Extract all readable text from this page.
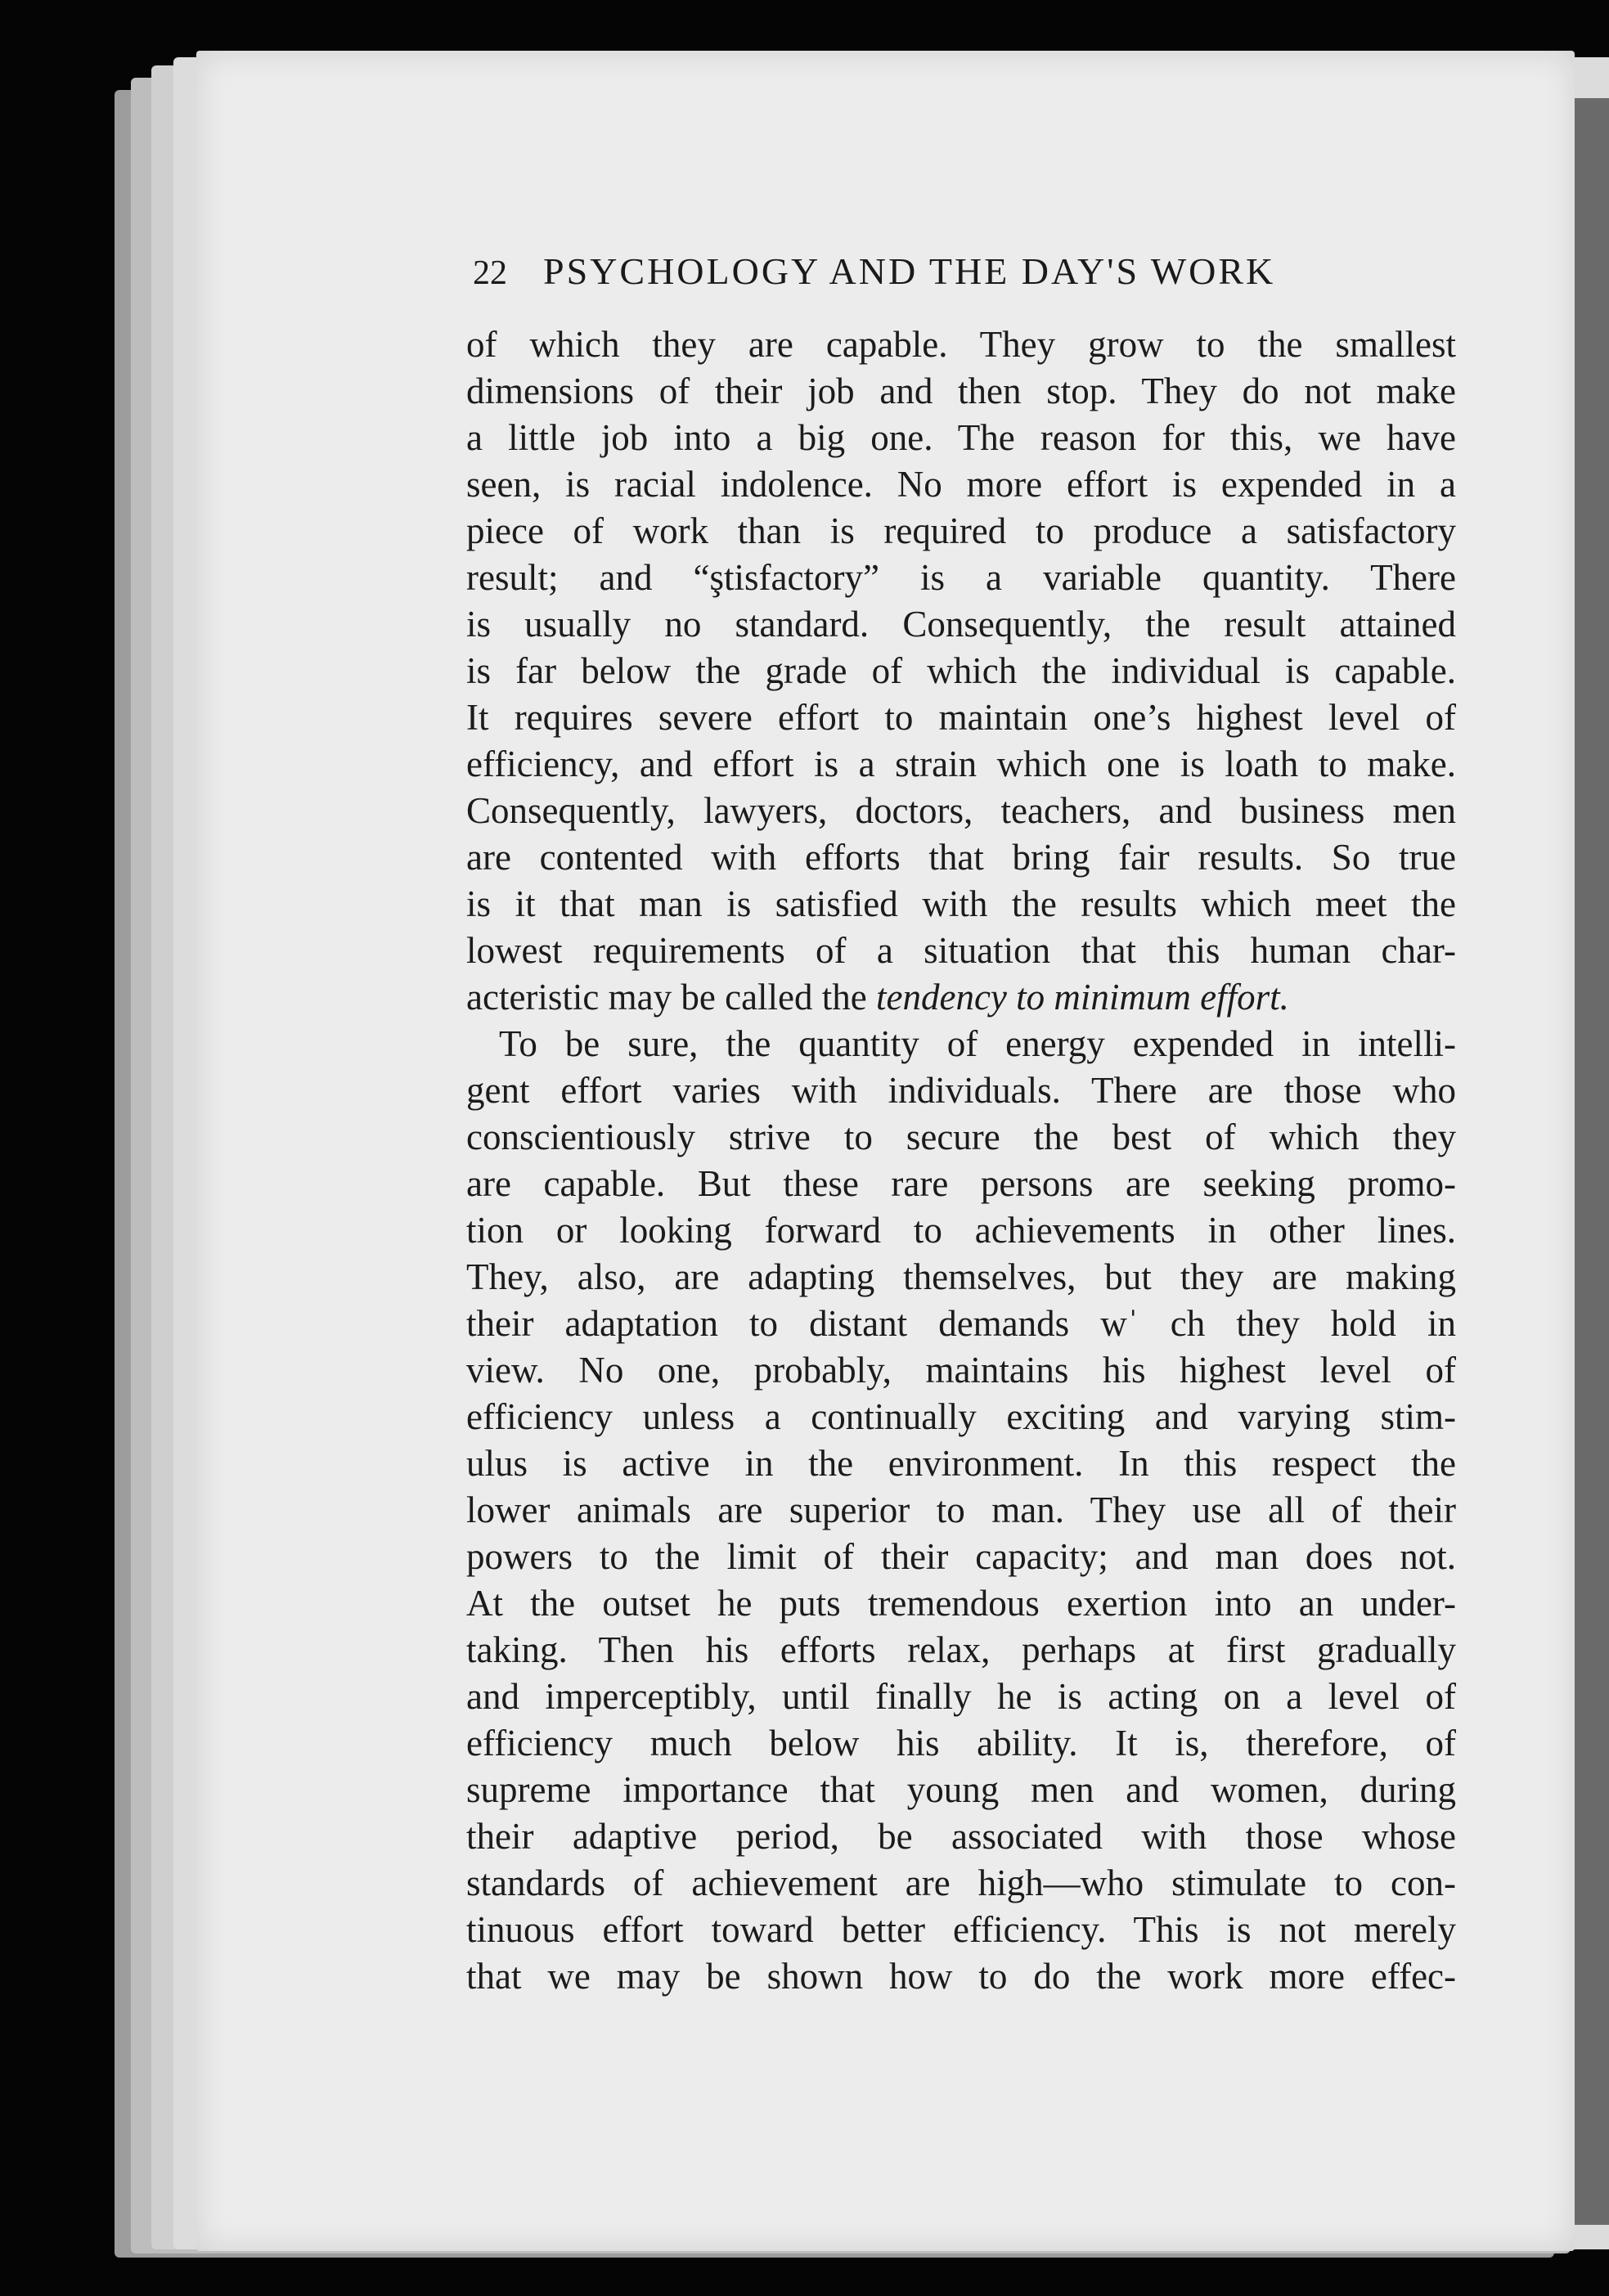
22 PSYCHOLOGY AND THE DAY'S WORK
of which they are capable. They grow to the smallest
dimensions of their job and then stop. They do not make
a little job into a big one. The reason for this, we have
seen, is racial indolence. No more effort is expended in a
piece of work than is required to produce a satisfactory
result; and “ştisfactory” is a variable quantity. There
is usually no standard. Consequently, the result attained
is far below the grade of which the individual is capable.
It requires severe effort to maintain one’s highest level of
efficiency, and effort is a strain which one is loath to make.
Consequently, lawyers, doctors, teachers, and business men
are contented with efforts that bring fair results. So true
is it that man is satisfied with the results which meet the
lowest requirements of a situation that this human char-
acteristic may be called the tendency to minimum effort.
To be sure, the quantity of energy expended in intelli-
gent effort varies with individuals. There are those who
conscientiously strive to secure the best of which they
are capable. But these rare persons are seeking promo-
tion or looking forward to achievements in other lines.
They, also, are adapting themselves, but they are making
their adaptation to distant demands wˈ ch they hold in
view. No one, probably, maintains his highest level of
efficiency unless a continually exciting and varying stim-
ulus is active in the environment. In this respect the
lower animals are superior to man. They use all of their
powers to the limit of their capacity; and man does not.
At the outset he puts tremendous exertion into an under-
taking. Then his efforts relax, perhaps at first gradually
and imperceptibly, until finally he is acting on a level of
efficiency much below his ability. It is, therefore, of
supreme importance that young men and women, during
their adaptive period, be associated with those whose
standards of achievement are high—who stimulate to con-
tinuous effort toward better efficiency. This is not merely
that we may be shown how to do the work more effec-
